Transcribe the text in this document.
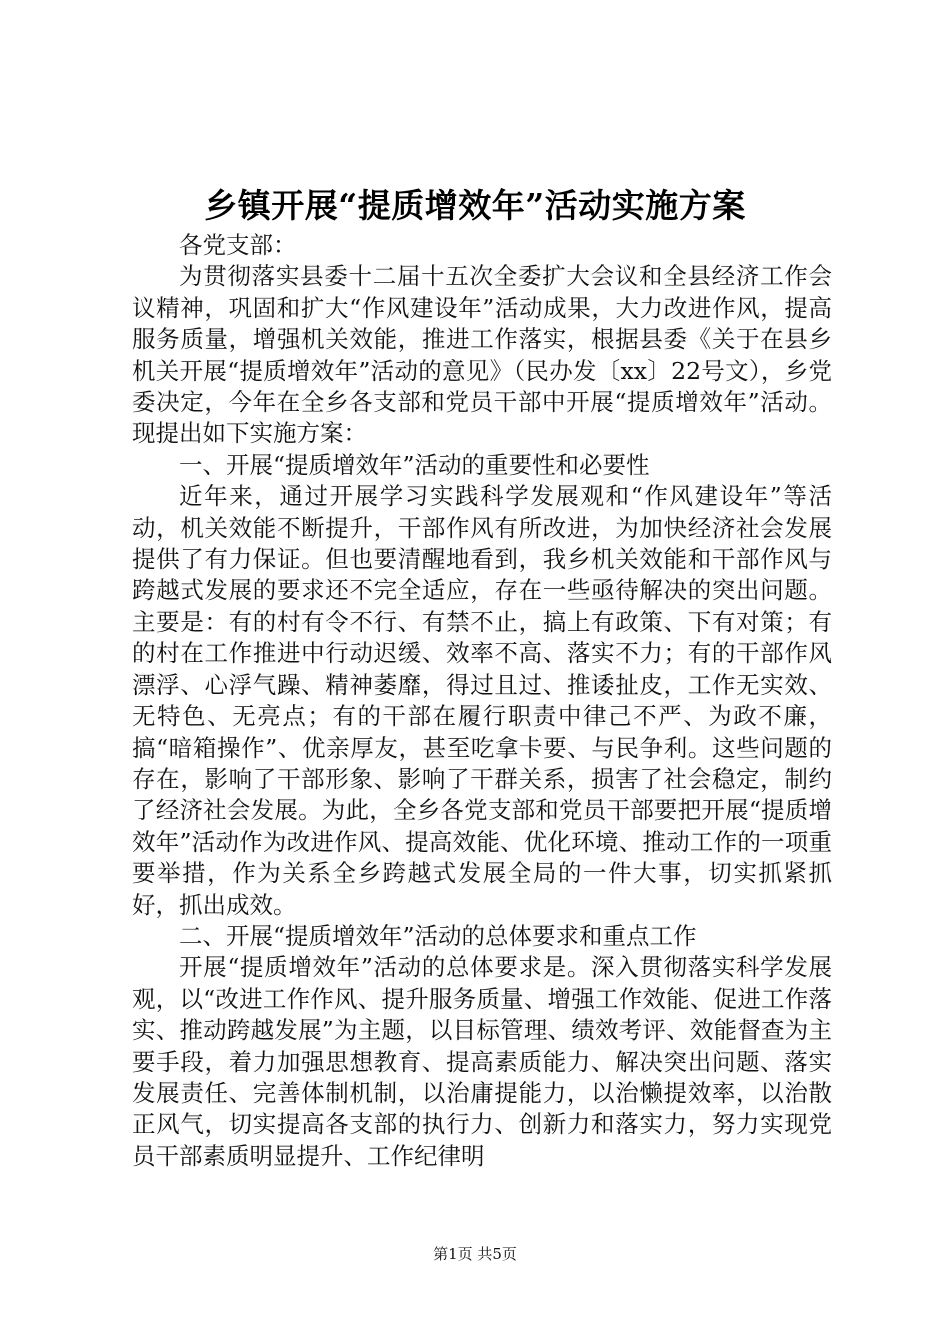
乡镇开展“提质增效年”活动实施方案

各党支部：

为贯彻落实县委十二届十五次全委扩大会议和全县经济工作会议精神，巩固和扩大“作风建设年”活动成果，大力改进作风，提高服务质量，增强机关效能，推进工作落实，根据县委《关于在县乡机关开展“提质增效年”活动的意见》（民办发〔xx〕22号文），乡党委决定，今年在全乡各支部和党员干部中开展“提质增效年”活动。现提出如下实施方案：

一、开展“提质增效年”活动的重要性和必要性

近年来，通过开展学习实践科学发展观和“作风建设年”等活动，机关效能不断提升，干部作风有所改进，为加快经济社会发展提供了有力保证。但也要清醒地看到，我乡机关效能和干部作风与跨越式发展的要求还不完全适应，存在一些亟待解决的突出问题。主要是：有的村有令不行、有禁不止，搞上有政策、下有对策；有的村在工作推进中行动迟缓、效率不高、落实不力；有的干部作风漂浮、心浮气躁、精神萎靡，得过且过、推诿扯皮，工作无实效、无特色、无亮点；有的干部在履行职责中律己不严、为政不廉，搞“暗箱操作”、优亲厚友，甚至吃拿卡要、与民争利。这些问题的存在，影响了干部形象、影响了干群关系，损害了社会稳定，制约了经济社会发展。为此，全乡各党支部和党员干部要把开展“提质增效年”活动作为改进作风、提高效能、优化环境、推动工作的一项重要举措，作为关系全乡跨越式发展全局的一件大事，切实抓紧抓好，抓出成效。

二、开展“提质增效年”活动的总体要求和重点工作

开展“提质增效年”活动的总体要求是。深入贯彻落实科学发展观，以“改进工作作风、提升服务质量、增强工作效能、促进工作落实、推动跨越发展”为主题，以目标管理、绩效考评、效能督查为主要手段，着力加强思想教育、提高素质能力、解决突出问题、落实发展责任、完善体制机制，以治庸提能力，以治懒提效率，以治散正风气，切实提高各支部的执行力、创新力和落实力，努力实现党员干部素质明显提升、工作纪律明

第1页 共5页
